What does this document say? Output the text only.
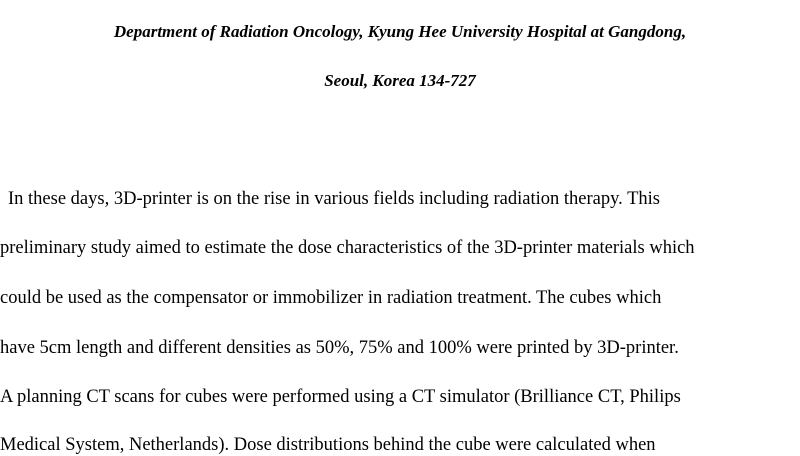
Department of Radiation Oncology, Kyung Hee University Hospital at Gangdong,
Seoul, Korea 134-727
In these days, 3D-printer is on the rise in various fields including radiation therapy. This
preliminary study aimed to estimate the dose characteristics of the 3D-printer materials which
could be used as the compensator or immobilizer in radiation treatment. The cubes which
have 5cm length and different densities as 50%, 75% and 100% were printed by 3D-printer.
A planning CT scans for cubes were performed using a CT simulator (Brilliance CT, Philips
Medical System, Netherlands). Dose distributions behind the cube were calculated when
